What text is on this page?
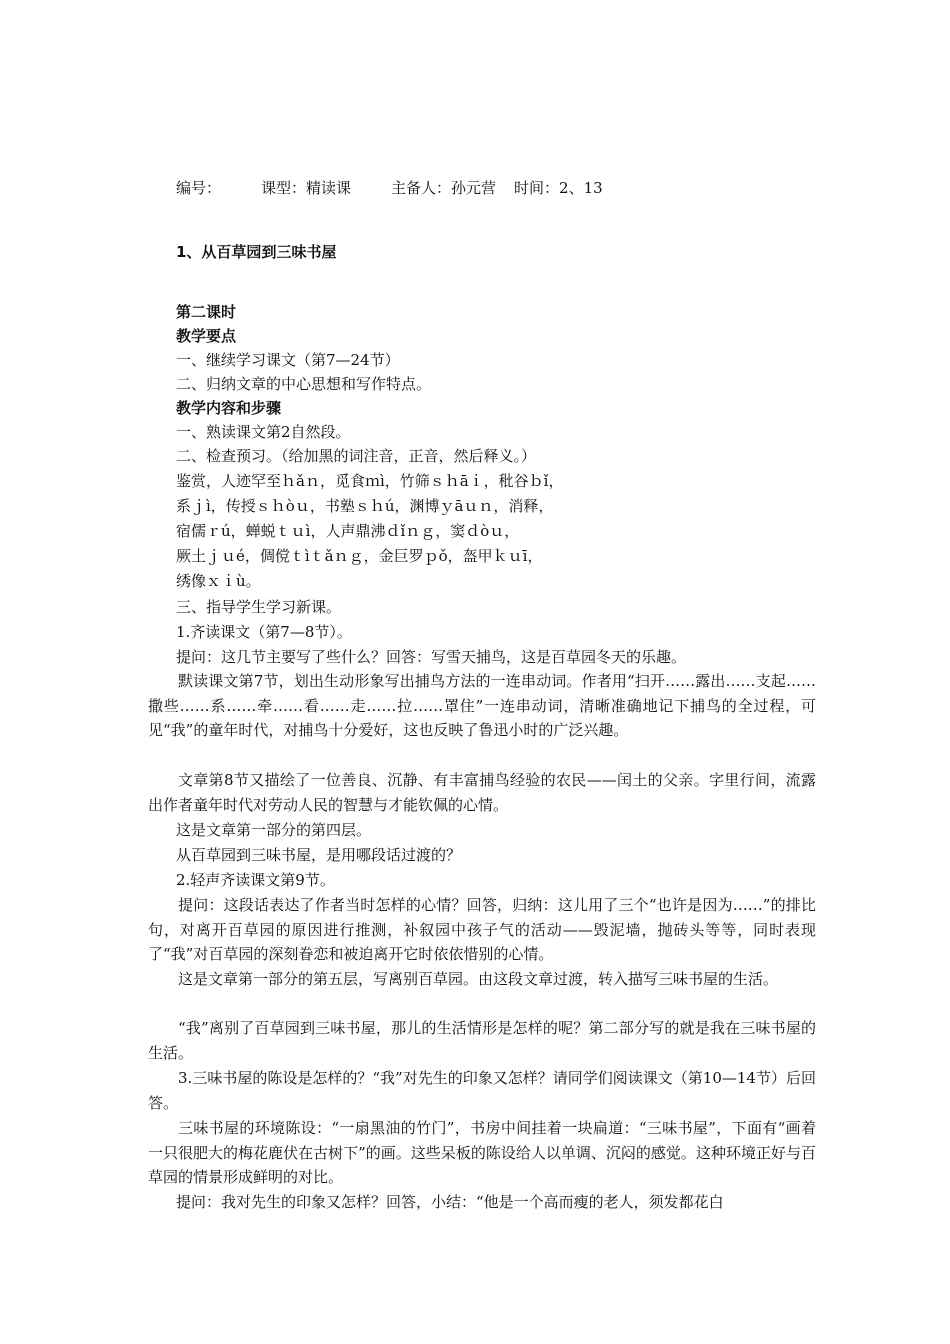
编号：	课型：精读课	主备人：孙元营 时间：2、13
1、从百草园到三味书屋
第二课时
教学要点
一、继续学习课文（第7—24节）
二、归纳文章的中心思想和写作特点。
教学内容和步骤
一、熟读课文第2自然段。
二、检查预习。（给加黑的词注音，正音，然后释义。）
鉴赏，人迹罕至ｈǎｎ，觅食ｍì，竹筛ｓｈāｉ，秕谷ｂǐ，
系ｊì，传授ｓｈòｕ，书塾ｓｈú，渊博ｙāｕｎ，消释，
宿儒ｒú，蝉蜕ｔｕì，人声鼎沸ｄǐｎｇ，窦ｄòｕ，
厥土ｊｕé，倜傥ｔìｔǎｎｇ，金巨罗ｐǒ，盔甲ｋｕī，
绣像ｘｉù。
三、指导学生学习新课。
1.齐读课文（第7—8节）。
提问：这几节主要写了些什么？回答：写雪天捕鸟，这是百草园冬天的乐趣。
默读课文第7节，划出生动形象写出捕鸟方法的一连串动词。作者用“扫开……露出……支起……撒些……系……牵……看……走……拉……罩住”一连串动词，清晰准确地记下捕鸟的全过程，可见“我”的童年时代，对捕鸟十分爱好，这也反映了鲁迅小时的广泛兴趣。
文章第8节又描绘了一位善良、沉静、有丰富捕鸟经验的农民——闰土的父亲。字里行间，流露出作者童年时代对劳动人民的智慧与才能钦佩的心情。
这是文章第一部分的第四层。
从百草园到三味书屋，是用哪段话过渡的？
2.轻声齐读课文第9节。
提问：这段话表达了作者当时怎样的心情？回答，归纳：这儿用了三个“也许是因为……”的排比句，对离开百草园的原因进行推测，补叙园中孩子气的活动——毁泥墙，抛砖头等等，同时表现了“我”对百草园的深刻眷恋和被迫离开它时依依惜别的心情。
这是文章第一部分的第五层，写离别百草园。由这段文章过渡，转入描写三味书屋的生活。
“我”离别了百草园到三味书屋，那儿的生活情形是怎样的呢？第二部分写的就是我在三味书屋的生活。
3.三味书屋的陈设是怎样的？“我”对先生的印象又怎样？请同学们阅读课文（第10—14节）后回答。
三味书屋的环境陈设：“一扇黑油的竹门”，书房中间挂着一块扁道：“三味书屋”，下面有“画着一只很肥大的梅花鹿伏在古树下”的画。这些呆板的陈设给人以单调、沉闷的感觉。这种环境正好与百草园的情景形成鲜明的对比。
提问：我对先生的印象又怎样？回答，小结：“他是一个高而瘦的老人，须发都花白
